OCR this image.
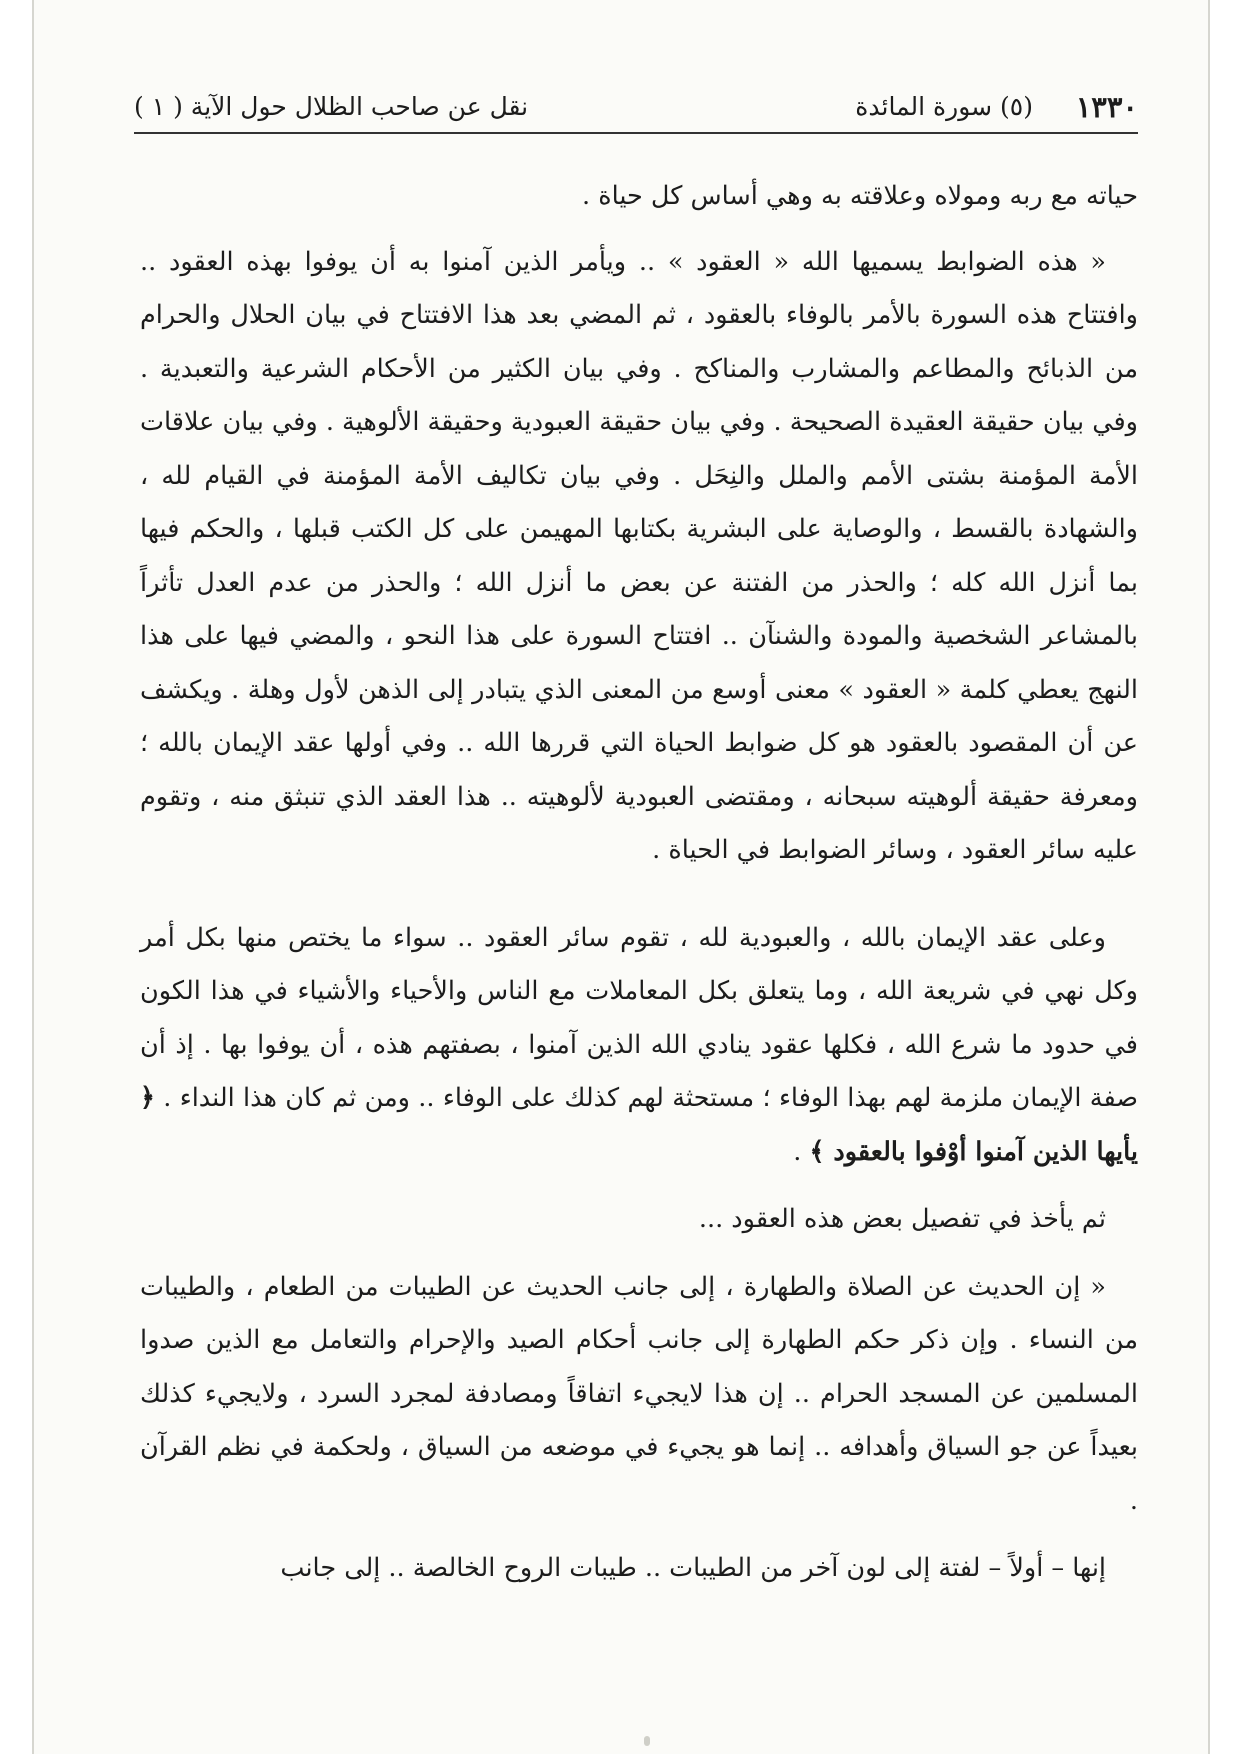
١٣٣٠
(٥) سورة المائدة
نقل عن صاحب الظلال حول الآية ( ١ )

حياته مع ربه ومولاه وعلاقته به وهي أساس كل حياة .

« هذه الضوابط يسميها الله « العقود » .. ويأمر الذين آمنوا به أن يوفوا بهذه العقود .. وافتتاح هذه السورة بالأمر بالوفاء بالعقود ، ثم المضي بعد هذا الافتتاح في بيان الحلال والحرام من الذبائح والمطاعم والمشارب والمناكح . وفي بيان الكثير من الأحكام الشرعية والتعبدية . وفي بيان حقيقة العقيدة الصحيحة . وفي بيان حقيقة العبودية وحقيقة الألوهية . وفي بيان علاقات الأمة المؤمنة بشتى الأمم والملل والنِحَل . وفي بيان تكاليف الأمة المؤمنة في القيام لله ، والشهادة بالقسط ، والوصاية على البشرية بكتابها المهيمن على كل الكتب قبلها ، والحكم فيها بما أنزل الله كله ؛ والحذر من الفتنة عن بعض ما أنزل الله ؛ والحذر من عدم العدل تأثراً بالمشاعر الشخصية والمودة والشنآن .. افتتاح السورة على هذا النحو ، والمضي فيها على هذا النهج يعطي كلمة « العقود » معنى أوسع من المعنى الذي يتبادر إلى الذهن لأول وهلة . ويكشف عن أن المقصود بالعقود هو كل ضوابط الحياة التي قررها الله .. وفي أولها عقد الإيمان بالله ؛ ومعرفة حقيقة ألوهيته سبحانه ، ومقتضى العبودية لألوهيته .. هذا العقد الذي تنبثق منه ، وتقوم عليه سائر العقود ، وسائر الضوابط في الحياة .

وعلى عقد الإيمان بالله ، والعبودية لله ، تقوم سائر العقود .. سواء ما يختص منها بكل أمر وكل نهي في شريعة الله ، وما يتعلق بكل المعاملات مع الناس والأحياء والأشياء في هذا الكون في حدود ما شرع الله ، فكلها عقود ينادي الله الذين آمنوا ، بصفتهم هذه ، أن يوفوا بها . إذ أن صفة الإيمان ملزمة لهم بهذا الوفاء ؛ مستحثة لهم كذلك على الوفاء .. ومن ثم كان هذا النداء . ﴿ يأيها الذين آمنوا أوْفوا بالعقود ﴾ .

ثم يأخذ في تفصيل بعض هذه العقود ...

« إن الحديث عن الصلاة والطهارة ، إلى جانب الحديث عن الطيبات من الطعام ، والطيبات من النساء . وإن ذكر حكم الطهارة إلى جانب أحكام الصيد والإحرام والتعامل مع الذين صدوا المسلمين عن المسجد الحرام .. إن هذا لايجيء اتفاقاً ومصادفة لمجرد السرد ، ولايجيء كذلك بعيداً عن جو السياق وأهدافه .. إنما هو يجيء في موضعه من السياق ، ولحكمة في نظم القرآن .

إنها – أولاً – لفتة إلى لون آخر من الطيبات .. طيبات الروح الخالصة .. إلى جانب
